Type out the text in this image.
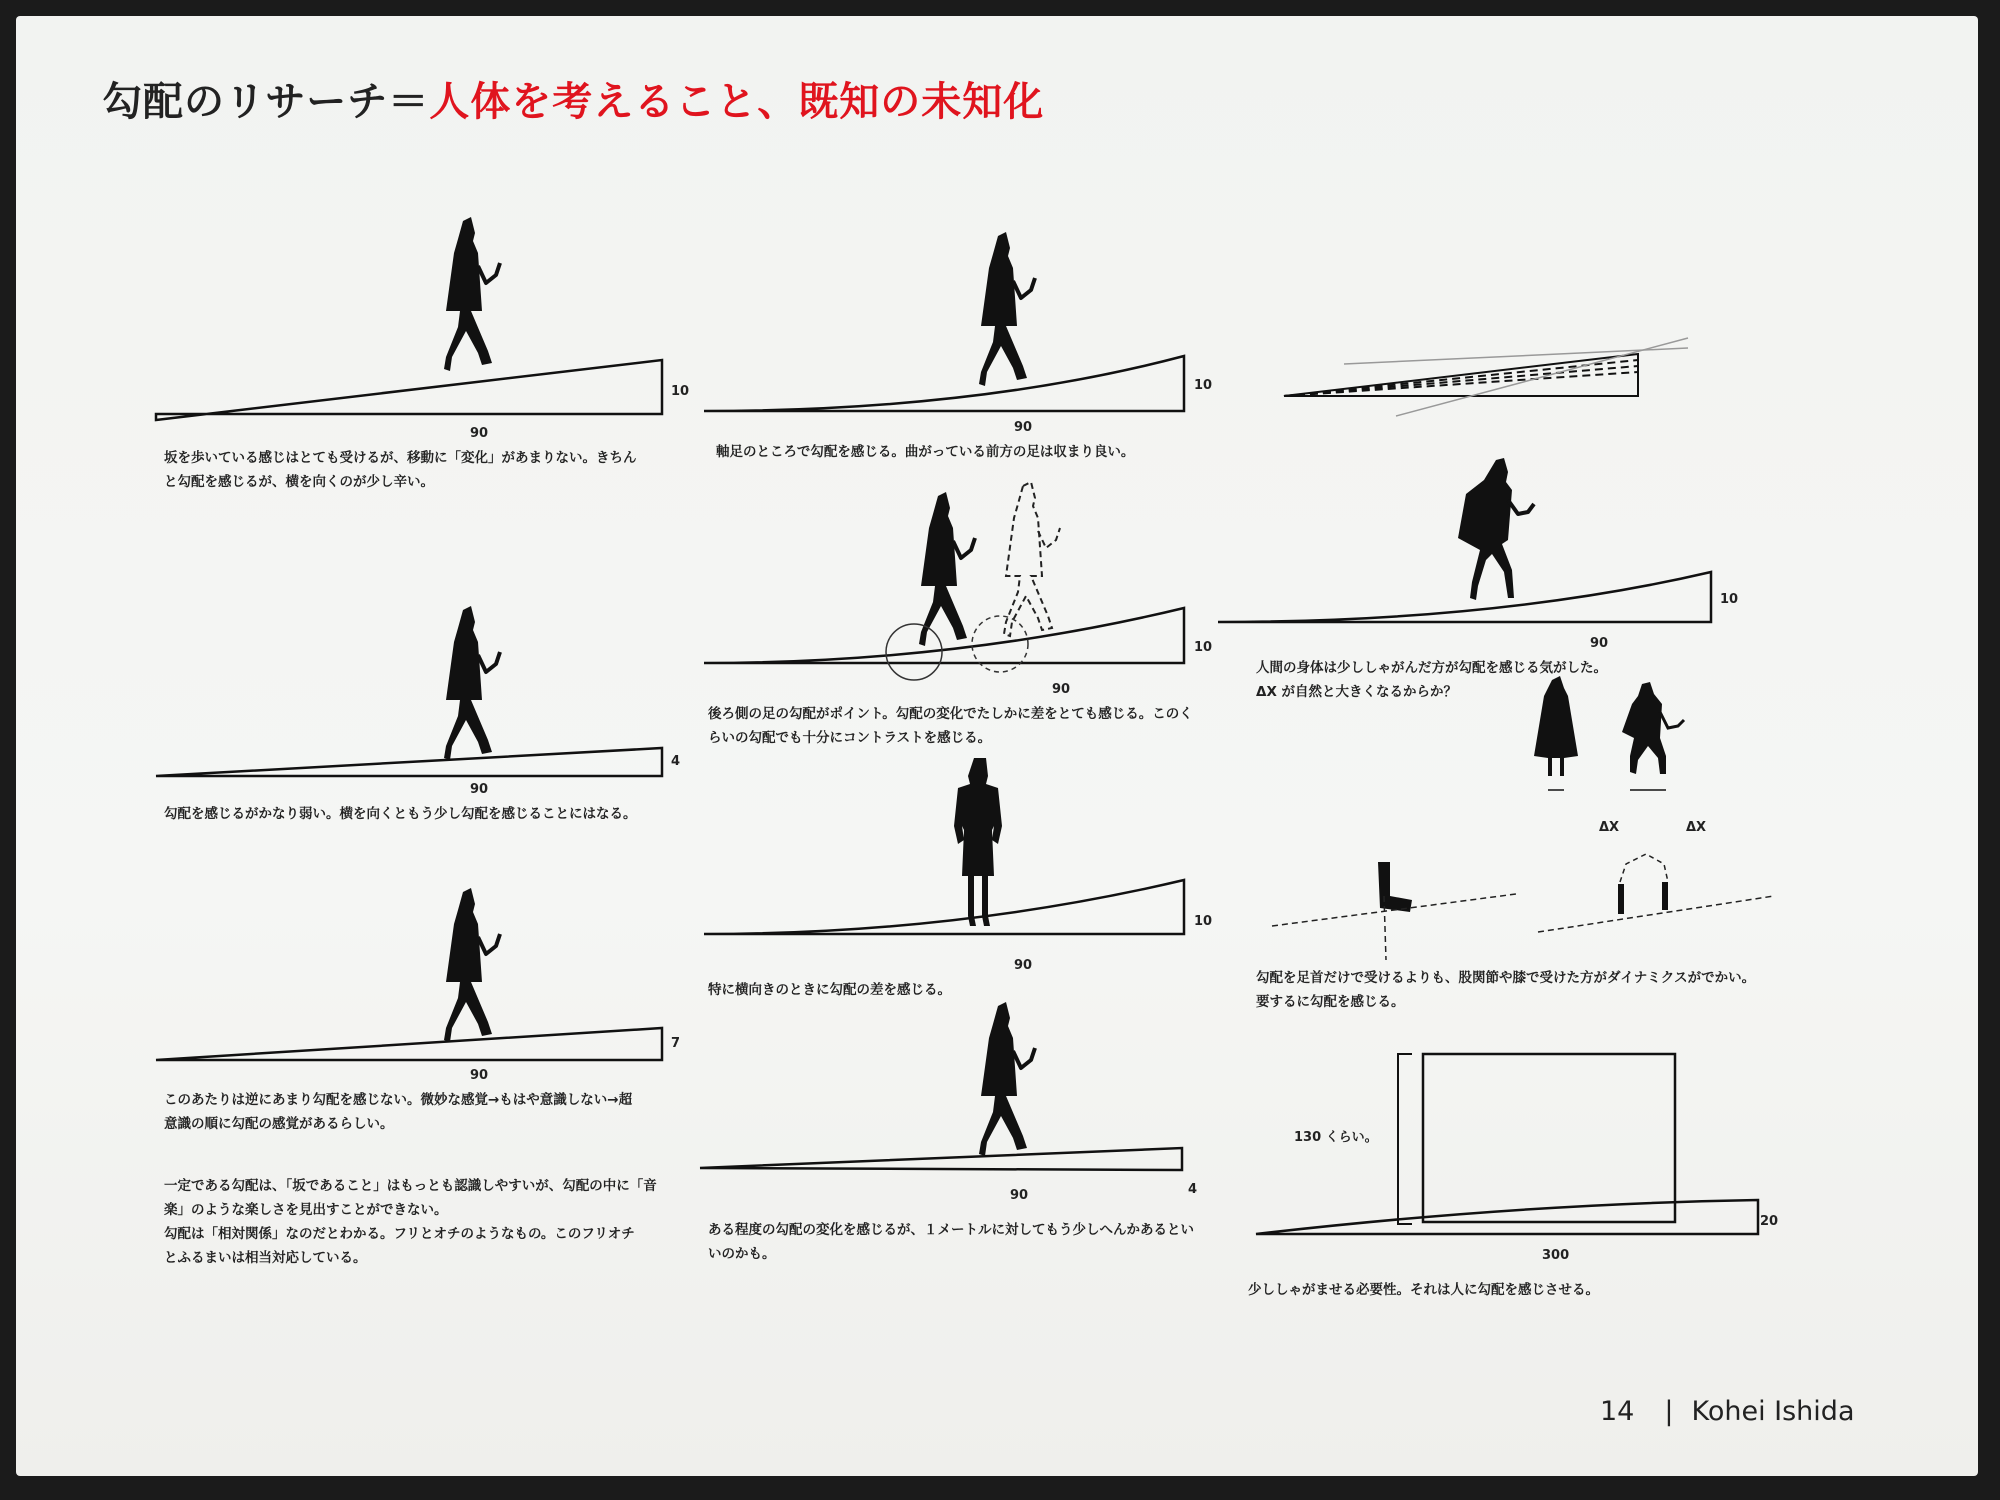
勾配のリサーチ＝人体を考えること、既知の未知化
90
10
90
4
90
7
90
10
90
10
90
10
90	4
90
10
ΔX	ΔX
130 くらい。
300
20
坂を歩いている感じはとても受けるが、移動に「変化」があまりない。きちん
と勾配を感じるが、横を向くのが少し辛い。
勾配を感じるがかなり弱い。横を向くともう少し勾配を感じることにはなる。
このあたりは逆にあまり勾配を感じない。微妙な感覚→もはや意識しない→超
意識の順に勾配の感覚があるらしい。
一定である勾配は、「坂であること」はもっとも認識しやすいが、勾配の中に「音
楽」のような楽しさを見出すことができない。
勾配は「相対関係」なのだとわかる。フリとオチのようなもの。このフリオチ
とふるまいは相当対応している。
軸足のところで勾配を感じる。曲がっている前方の足は収まり良い。
後ろ側の足の勾配がポイント。勾配の変化でたしかに差をとても感じる。このく
らいの勾配でも十分にコントラストを感じる。
特に横向きのときに勾配の差を感じる。
ある程度の勾配の変化を感じるが、１メートルに対してもう少しへんかあるとい
いのかも。
人間の身体は少ししゃがんだ方が勾配を感じる気がした。
ΔX が自然と大きくなるからか？
勾配を足首だけで受けるよりも、股関節や膝で受けた方がダイナミクスがでかい。
要するに勾配を感じる。
少ししゃがませる必要性。それは人に勾配を感じさせる。
14 | Kohei Ishida
